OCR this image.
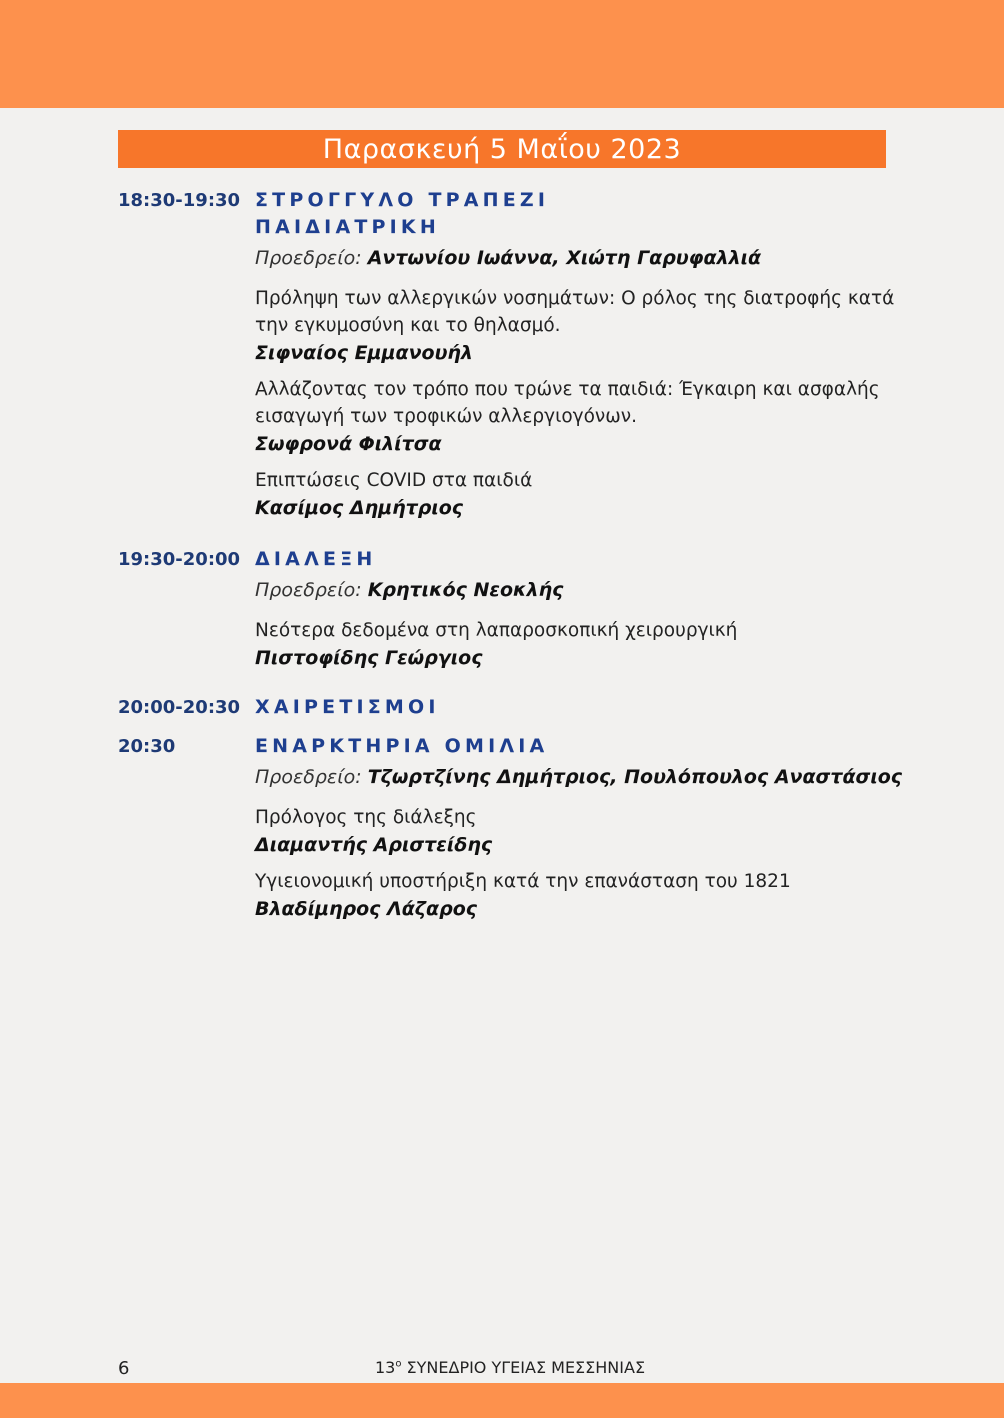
Παρασκευή 5 Μαΐου 2023
18:30-19:30 ΣΤΡΟΓΓΥΛΟ ΤΡΑΠΕΖΙ
ΠΑΙΔΙΑΤΡΙΚΗ
Προεδρείο: Αντωνίου Ιωάννα, Χιώτη Γαρυφαλλιά
Πρόληψη των αλλεργικών νοσημάτων: Ο ρόλος της διατροφής κατά
την εγκυμοσύνη και το θηλασμό.
Σιφναίος Εμμανουήλ
Αλλάζοντας τον τρόπο που τρώνε τα παιδιά: Έγκαιρη και ασφαλής
εισαγωγή των τροφικών αλλεργιογόνων.
Σωφρονά Φιλίτσα
Επιπτώσεις COVID στα παιδιά
Κασίμος Δημήτριος
19:30-20:00 ΔΙΑΛΕΞΗ
Προεδρείο: Κρητικός Νεοκλής
Νεότερα δεδομένα στη λαπαροσκοπική χειρουργική
Πιστοφίδης Γεώργιος
20:00-20:30 ΧΑΙΡΕΤΙΣΜΟΙ
20:30	ΕΝΑΡΚΤΗΡΙΑ ΟΜΙΛΙΑ
Προεδρείο: Τζωρτζίνης Δημήτριος, Πουλόπουλος Αναστάσιος
Πρόλογος της διάλεξης
Διαμαντής Αριστείδης
Υγιειονομική υποστήριξη κατά την επανάσταση του 1821
Βλαδίμηρος Λάζαρος
6	$13^o$ ΣΥΝΕΔΡΙΟ ΥΓΕΙΑΣ ΜΕΣΣΗΝΙΑΣ
